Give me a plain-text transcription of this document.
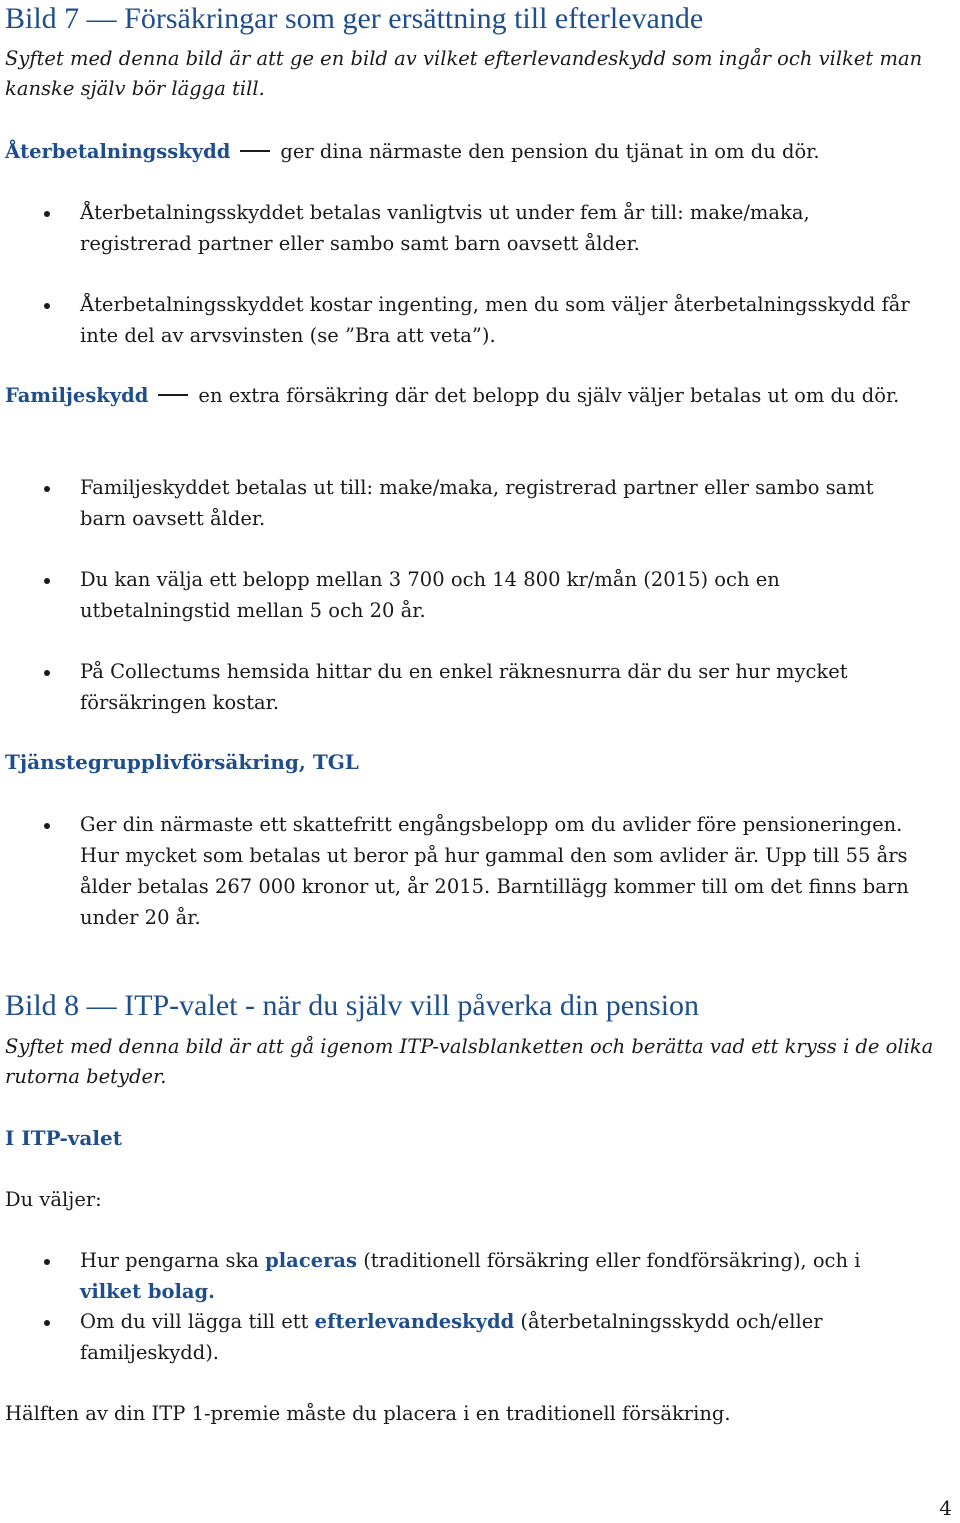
Bild 7 — Försäkringar som ger ersättning till efterlevande

Syftet med denna bild är att ge en bild av vilket efterlevandeskydd som ingår och vilket man kanske själv bör lägga till.

Återbetalningsskydd	ger dina närmaste den pension du tjänat in om du dör.

Återbetalningsskyddet betalas vanligtvis ut under fem år till: make/maka, registrerad partner eller sambo samt barn oavsett ålder.
Återbetalningsskyddet kostar ingenting, men du som väljer återbetalningsskydd får inte del av arvsvinsten (se ”Bra att veta”).

Familjeskydd	en extra försäkring där det belopp du själv väljer betalas ut om du dör.

Familjeskyddet betalas ut till: make/maka, registrerad partner eller sambo samt barn oavsett ålder.
Du kan välja ett belopp mellan 3 700 och 14 800 kr/mån (2015) och en utbetalningstid mellan 5 och 20 år.
På Collectums hemsida hittar du en enkel räknesnurra där du ser hur mycket försäkringen kostar.
Tjänstegrupplivförsäkring, TGL
Ger din närmaste ett skattefritt engångsbelopp om du avlider före pensioneringen. Hur mycket som betalas ut beror på hur gammal den som avlider är. Upp till 55 års ålder betalas 267 000 kronor ut, år 2015. Barntillägg kommer till om det finns barn under 20 år.
Bild 8 — ITP-valet - när du själv vill påverka din pension

Syftet med denna bild är att gå igenom ITP-valsblanketten och berätta vad ett kryss i de olika rutorna betyder.

I ITP-valet

Du väljer:

Hur pengarna ska placeras (traditionell försäkring eller fondförsäkring), och i vilket bolag.
Om du vill lägga till ett efterlevandeskydd (återbetalningsskydd och/eller familjeskydd).

Hälften av din ITP 1-premie måste du placera i en traditionell försäkring.

4
